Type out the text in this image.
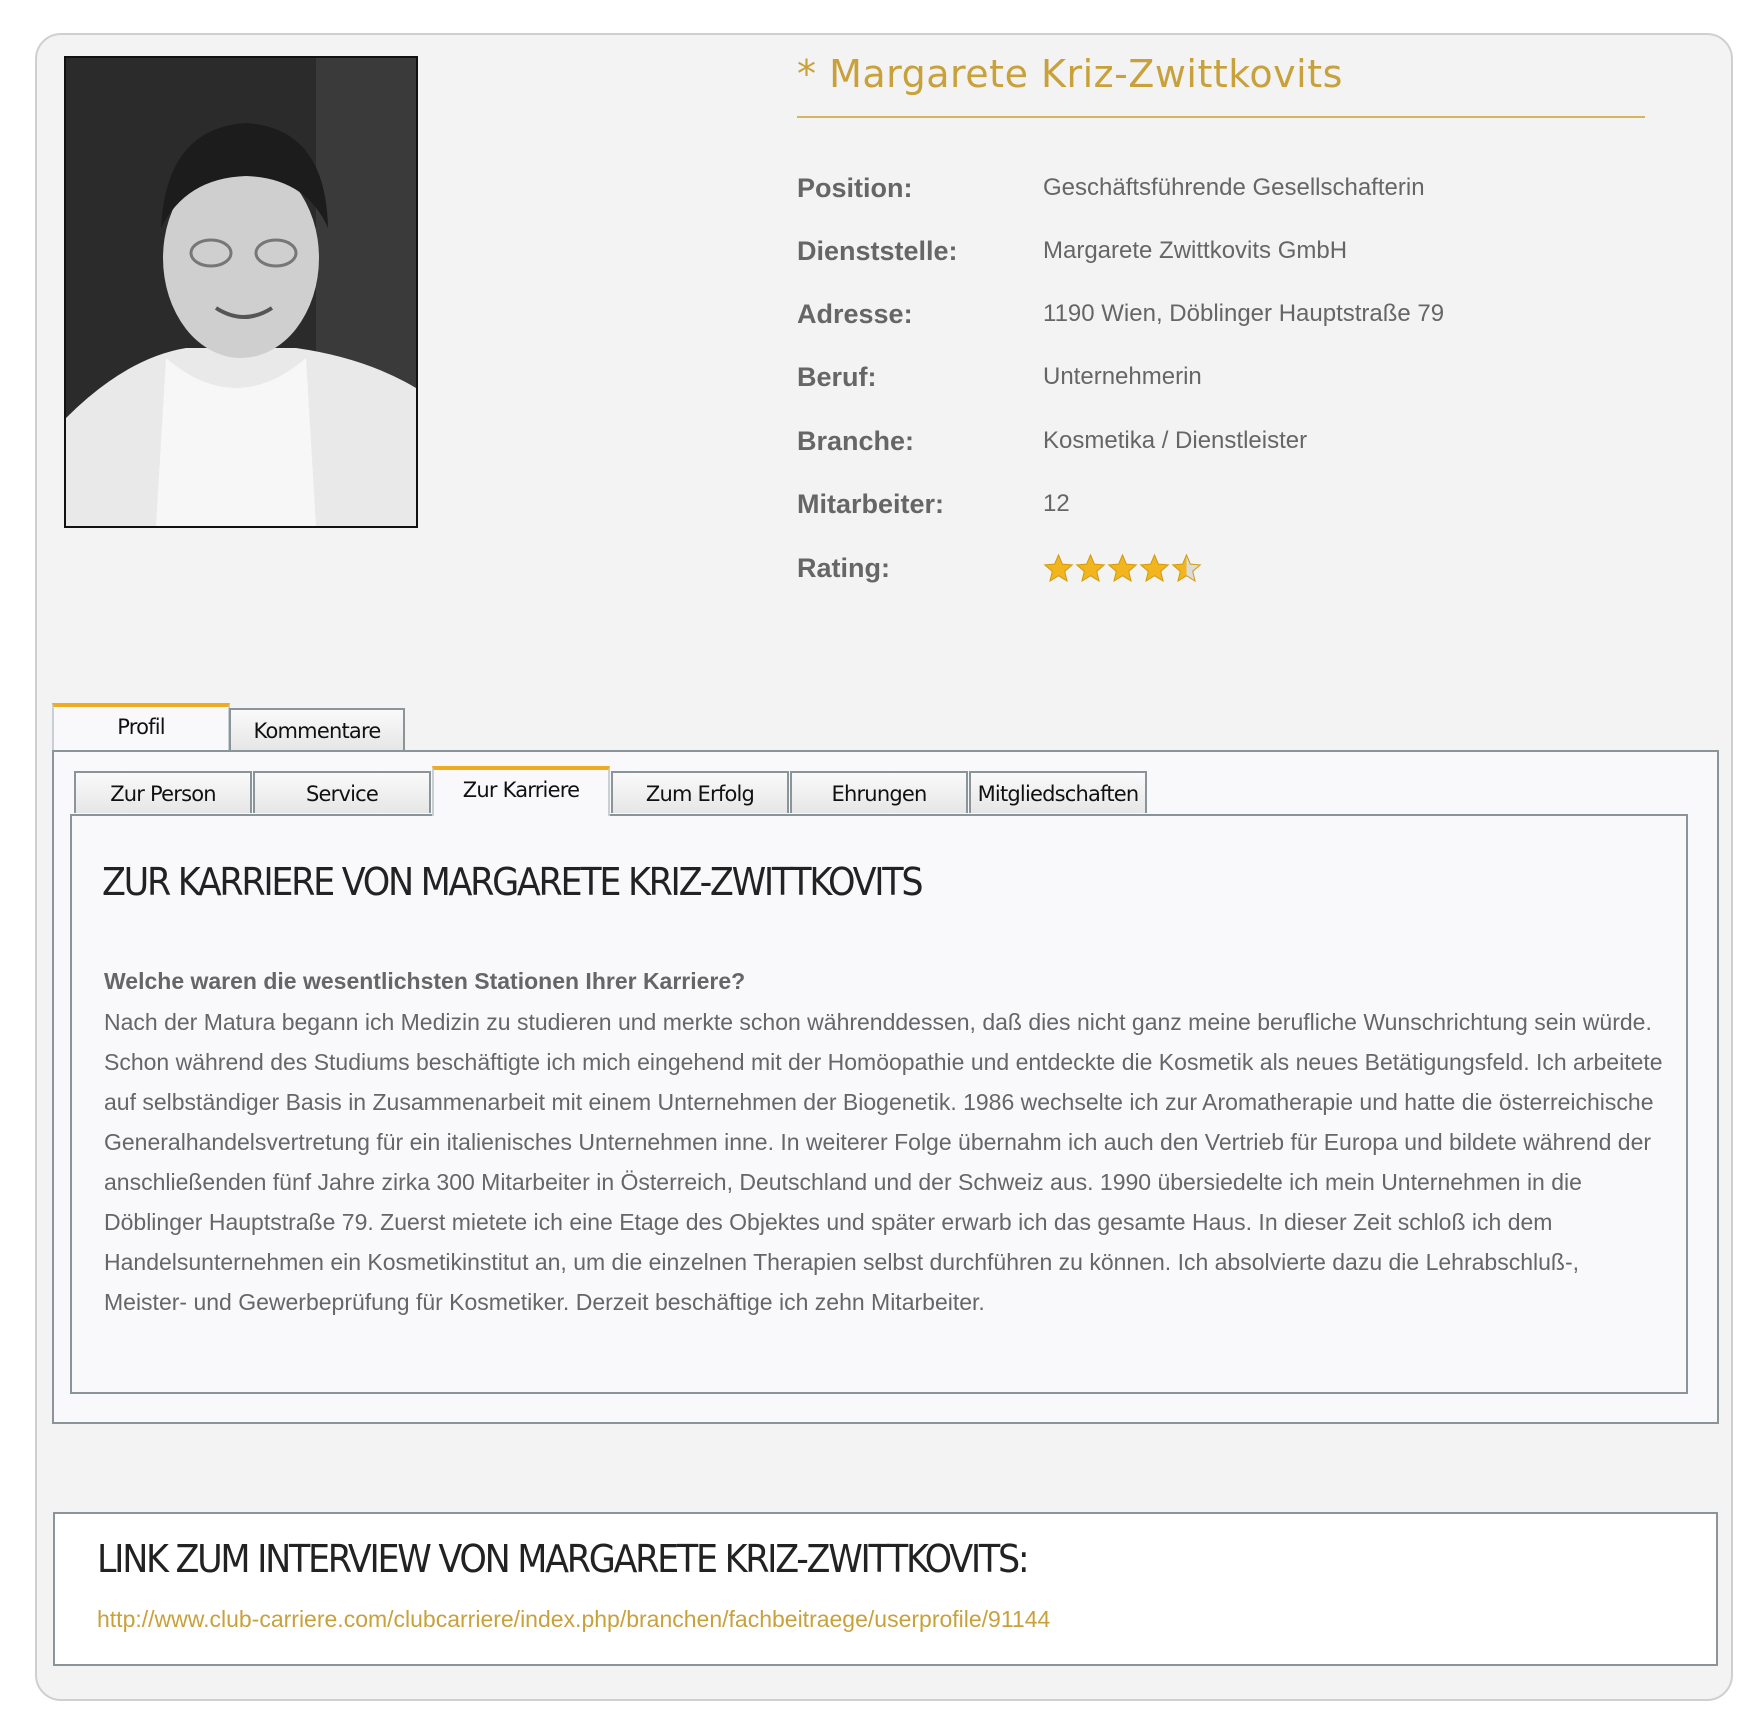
* Margarete Kriz-Zwittkovits
Position:	Geschäftsführende Gesellschafterin
Dienststelle:	Margarete Zwittkovits GmbH
Adresse:	1190 Wien, Döblinger Hauptstraße 79
Beruf:	Unternehmerin
Branche:	Kosmetika / Dienstleister
Mitarbeiter:	12
Rating:
Profil	Kommentare
Zur Person	Service	Zur Karriere	Zum Erfolg	Ehrungen	Mitgliedschaften
ZUR KARRIERE VON MARGARETE KRIZ-ZWITTKOVITS
Welche waren die wesentlichsten Stationen Ihrer Karriere?

Nach der Matura begann ich Medizin zu studieren und merkte schon währenddessen, daß dies nicht ganz meine berufliche Wunschrichtung sein würde. Schon während des Studiums beschäftigte ich mich eingehend mit der Homöopathie und entdeckte die Kosmetik als neues Betätigungsfeld. Ich arbeitete auf selbständiger Basis in Zusammenarbeit mit einem Unternehmen der Biogenetik. 1986 wechselte ich zur Aromatherapie und hatte die österreichische Generalhandelsvertretung für ein italienisches Unternehmen inne. In weiterer Folge übernahm ich auch den Vertrieb für Europa und bildete während der anschließenden fünf Jahre zirka 300 Mitarbeiter in Österreich, Deutschland und der Schweiz aus. 1990 übersiedelte ich mein Unternehmen in die Döblinger Hauptstraße 79. Zuerst mietete ich eine Etage des Objektes und später erwarb ich das gesamte Haus. In dieser Zeit schloß ich dem Handelsunternehmen ein Kosmetikinstitut an, um die einzelnen Therapien selbst durchführen zu können. Ich absolvierte dazu die Lehrabschluß-, Meister- und Gewerbeprüfung für Kosmetiker. Derzeit beschäftige ich zehn Mitarbeiter.

LINK ZUM INTERVIEW VON MARGARETE KRIZ-ZWITTKOVITS:
http://www.club-carriere.com/clubcarriere/index.php/branchen/fachbeitraege/userprofile/91144
